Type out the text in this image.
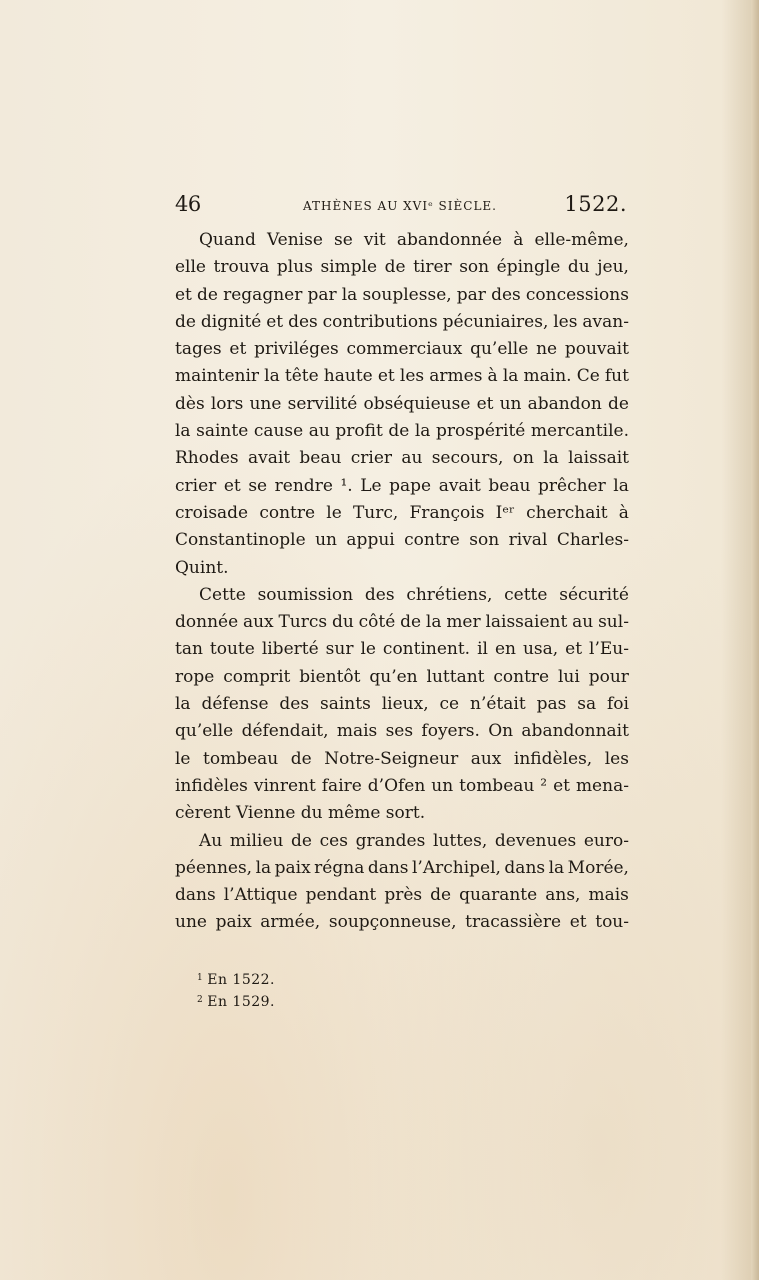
46	ATHÈNES AU XVIᵉ SIÈCLE.	1522.
Quand Venise se vit abandonnée à elle-même,
elle trouva plus simple de tirer son épingle du jeu,
et de regagner par la souplesse, par des concessions
de dignité et des contributions pécuniaires, les avan-
tages et priviléges commerciaux qu’elle ne pouvait
maintenir la tête haute et les armes à la main. Ce fut
dès lors une servilité obséquieuse et un abandon de
la sainte cause au profit de la prospérité mercantile.
Rhodes avait beau crier au secours, on la laissait
crier et se rendre ¹. Le pape avait beau prêcher la
croisade contre le Turc, François Iᵉʳ cherchait à
Constantinople un appui contre son rival Charles-
Quint.
Cette soumission des chrétiens, cette sécurité
donnée aux Turcs du côté de la mer laissaient au sul-
tan toute liberté sur le continent. il en usa, et l’Eu-
rope comprit bientôt qu’en luttant contre lui pour
la défense des saints lieux, ce n’était pas sa foi
qu’elle défendait, mais ses foyers. On abandonnait
le tombeau de Notre-Seigneur aux infidèles, les
infidèles vinrent faire d’Ofen un tombeau ² et mena-
cèrent Vienne du même sort.
Au milieu de ces grandes luttes, devenues euro-
péennes, la paix régna dans l’Archipel, dans la Morée,
dans l’Attique pendant près de quarante ans, mais
une paix armée, soupçonneuse, tracassière et tou-
$^1$ En 1522.
$^2$ En 1529.
